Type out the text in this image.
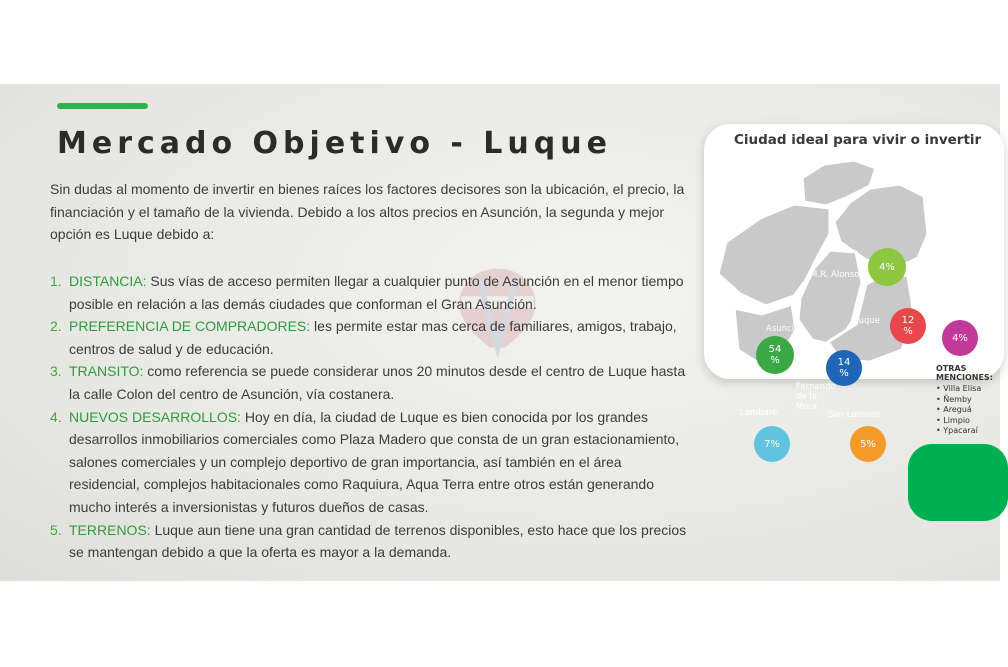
Mercado Objetivo - Luque

Sin dudas al momento de invertir en bienes raíces los factores decisores son la ubicación, el precio, la financiación y el tamaño de la vivienda. Debido a los altos precios en Asunción, la segunda y mejor opción es Luque debido a:

1. DISTANCIA: Sus vías de acceso permiten llegar a cualquier punto de Asunción en el menor tiempo posible en relación a las demás ciudades que conforman el Gran Asunción.
2. PREFERENCIA DE COMPRADORES: les permite estar mas cerca de familiares, amigos, trabajo, centros de salud y de educación.
3. TRANSITO: como referencia se puede considerar unos 20 minutos desde el centro de Luque hasta la calle Colon del centro de Asunción, vía costanera.
4. NUEVOS DESARROLLOS: Hoy en día, la ciudad de Luque es bien conocida por los grandes desarrollos inmobiliarios comerciales como Plaza Madero que consta de un gran estacionamiento, salones comerciales y un complejo deportivo de gran importancia, así también en el área residencial, complejos habitacionales como Raquiura, Aqua Terra entre otros están generando mucho interés a inversionistas y futuros dueños de casas.
5. TERRENOS: Luque aun tiene una gran cantidad de terrenos disponibles, esto hace que los precios se mantengan debido a que la oferta es mayor a la demanda.
Ciudad ideal para vivir o invertir
M.R. Alonso
Asunción
Luque
Fernando
de la
Mora
Lambaré	San Lorenzo
4%
12
%
54
%	14
%
7%	5%
4%
OTRAS
MENCIONES:
• Villa Elisa
• Ñemby
• Areguá
• Limpio
• Ypacaraí
